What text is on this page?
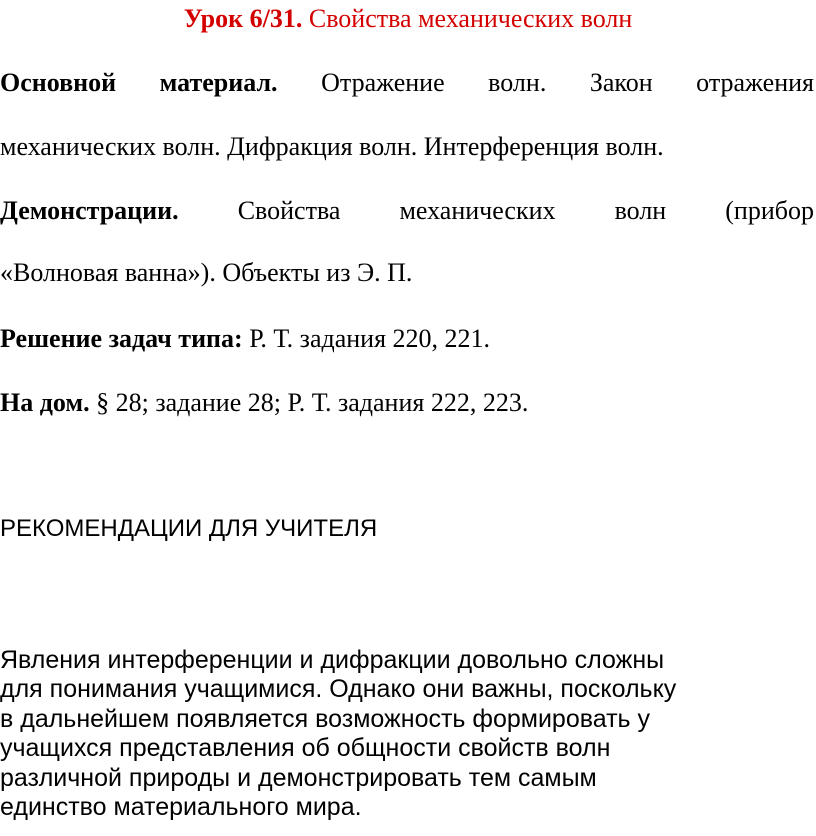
Урок 6/31. Свойства механических волн
Основной материал. Отражение волн. Закон отражения
механических волн. Дифракция волн. Интерференция волн.
Демонстрации. Свойства механических волн (прибор
«Волновая ванна»). Объекты из Э. П.
Решение задач типа: Р. Т. задания 220, 221.
На дом. § 28; задание 28; Р. Т. задания 222, 223.
РЕКОМЕНДАЦИИ ДЛЯ УЧИТЕЛЯ
Явления интерференции и дифракции довольно сложны
для понимания учащимися. Однако они важны, поскольку
в дальнейшем появляется возможность формировать у
учащихся представления об общности свойств волн
различной природы и демонстрировать тем самым
единство материального мира.
